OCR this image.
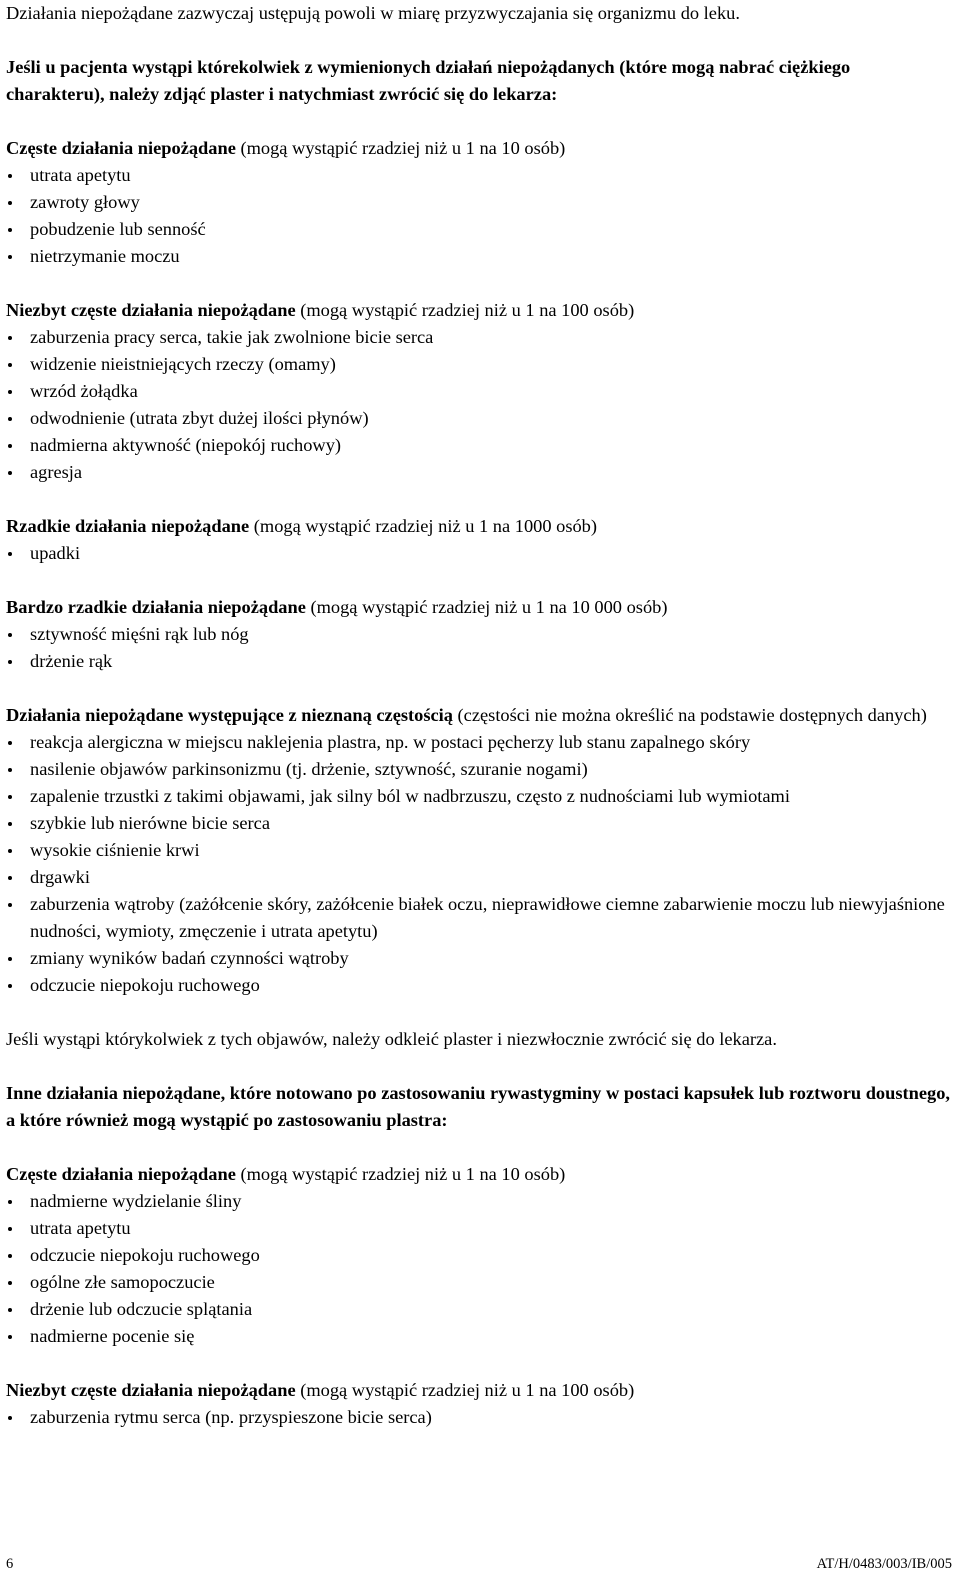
Działania niepożądane zazwyczaj ustępują powoli w miarę przyzwyczajania się organizmu do leku.
Jeśli u pacjenta wystąpi którekolwiek z wymienionych działań niepożądanych (które mogą nabrać ciężkiego charakteru), należy zdjąć plaster i natychmiast zwrócić się do lekarza:
Częste działania niepożądane (mogą wystąpić rzadziej niż u 1 na 10 osób)
utrata apetytu
zawroty głowy
pobudzenie lub senność
nietrzymanie moczu
Niezbyt częste działania niepożądane (mogą wystąpić rzadziej niż u 1 na 100 osób)
zaburzenia pracy serca, takie jak zwolnione bicie serca
widzenie nieistniejących rzeczy (omamy)
wrzód żołądka
odwodnienie (utrata zbyt dużej ilości płynów)
nadmierna aktywność (niepokój ruchowy)
agresja
Rzadkie działania niepożądane (mogą wystąpić rzadziej niż u 1 na 1000 osób)
upadki
Bardzo rzadkie działania niepożądane (mogą wystąpić rzadziej niż u 1 na 10 000 osób)
sztywność mięśni rąk lub nóg
drżenie rąk
Działania niepożądane występujące z nieznaną częstością (częstości nie można określić na podstawie dostępnych danych)
reakcja alergiczna w miejscu naklejenia plastra, np. w postaci pęcherzy lub stanu zapalnego skóry
nasilenie objawów parkinsonizmu (tj. drżenie, sztywność, szuranie nogami)
zapalenie trzustki z takimi objawami, jak silny ból w nadbrzuszu, często z nudnościami lub wymiotami
szybkie lub nierówne bicie serca
wysokie ciśnienie krwi
drgawki
zaburzenia wątroby (zażółcenie skóry, zażółcenie białek oczu, nieprawidłowe ciemne zabarwienie moczu lub niewyjaśnione nudności, wymioty, zmęczenie i utrata apetytu)
zmiany wyników badań czynności wątroby
odczucie niepokoju ruchowego
Jeśli wystąpi którykolwiek z tych objawów, należy odkleić plaster i niezwłocznie zwrócić się do lekarza.
Inne działania niepożądane, które notowano po zastosowaniu rywastygminy w postaci kapsułek lub roztworu doustnego, a które również mogą wystąpić po zastosowaniu plastra:
Częste działania niepożądane (mogą wystąpić rzadziej niż u 1 na 10 osób)
nadmierne wydzielanie śliny
utrata apetytu
odczucie niepokoju ruchowego
ogólne złe samopoczucie
drżenie lub odczucie splątania
nadmierne pocenie się
Niezbyt częste działania niepożądane (mogą wystąpić rzadziej niż u 1 na 100 osób)
zaburzenia rytmu serca (np. przyspieszone bicie serca)
6	AT/H/0483/003/IB/005
